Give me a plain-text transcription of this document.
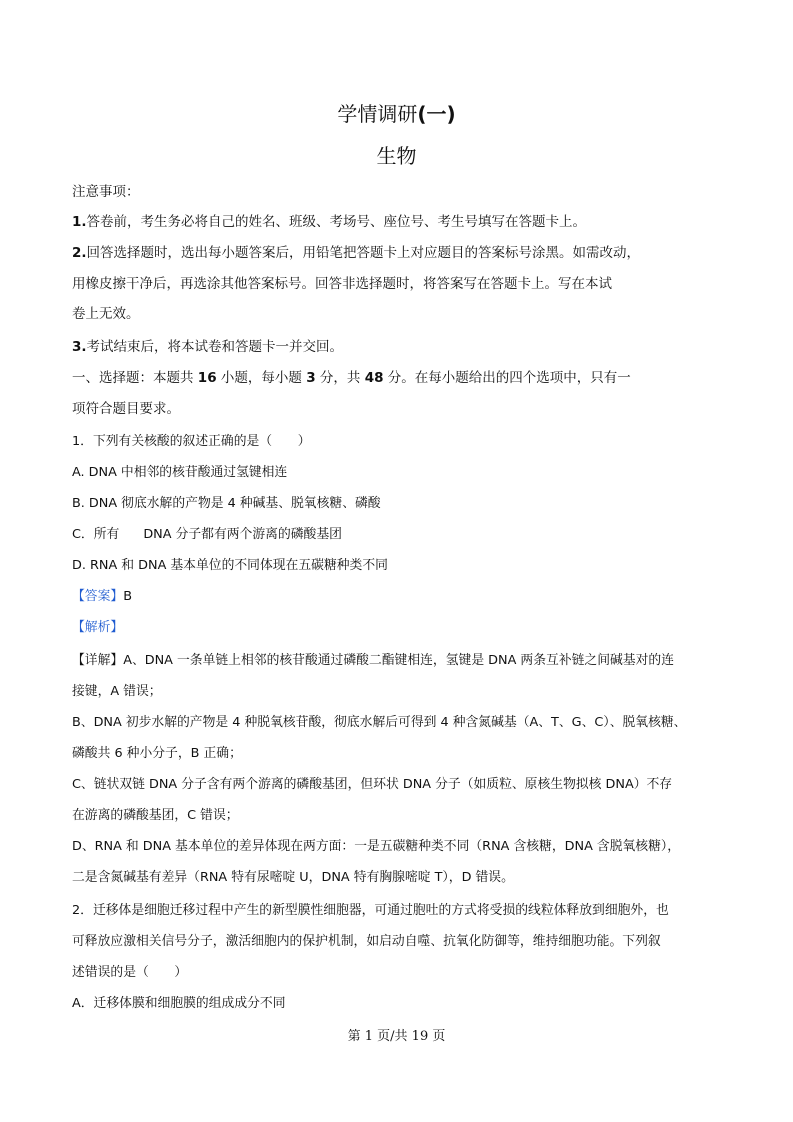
学情调研(一)
生物
注意事项：
1.答卷前，考生务必将自己的姓名、班级、考场号、座位号、考生号填写在答题卡上。
2.回答选择题时，选出每小题答案后，用铅笔把答题卡上对应题目的答案标号涂黑。如需改动，
用橡皮擦干净后，再选涂其他答案标号。回答非选择题时，将答案写在答题卡上。写在本试
卷上无效。
3.考试结束后，将本试卷和答题卡一并交回。
一、选择题：本题共 16 小题，每小题 3 分，共 48 分。在每小题给出的四个选项中，只有一
项符合题目要求。
1．下列有关核酸的叙述正确的是（　　）
A. DNA 中相邻的核苷酸通过氢键相连
B. DNA 彻底水解的产物是 4 种碱基、脱氧核糖、磷酸
C．所有 DNA 分子都有两个游离的磷酸基团
D. RNA 和 DNA 基本单位的不同体现在五碳糖种类不同
【答案】B
【解析】
【详解】A、DNA 一条单链上相邻的核苷酸通过磷酸二酯键相连，氢键是 DNA 两条互补链之间碱基对的连
接键，A 错误；
B、DNA 初步水解的产物是 4 种脱氧核苷酸，彻底水解后可得到 4 种含氮碱基（A、T、G、C）、脱氧核糖、
磷酸共 6 种小分子，B 正确；
C、链状双链 DNA 分子含有两个游离的磷酸基团，但环状 DNA 分子（如质粒、原核生物拟核 DNA）不存
在游离的磷酸基团，C 错误；
D、RNA 和 DNA 基本单位的差异体现在两方面：一是五碳糖种类不同（RNA 含核糖，DNA 含脱氧核糖），
二是含氮碱基有差异（RNA 特有尿嘧啶 U，DNA 特有胸腺嘧啶 T），D 错误。
2．迁移体是细胞迁移过程中产生的新型膜性细胞器，可通过胞吐的方式将受损的线粒体释放到细胞外，也
可释放应激相关信号分子，激活细胞内的保护机制，如启动自噬、抗氧化防御等，维持细胞功能。下列叙
述错误的是（　　）
A．迁移体膜和细胞膜的组成成分不同
第 1 页/共 19 页
